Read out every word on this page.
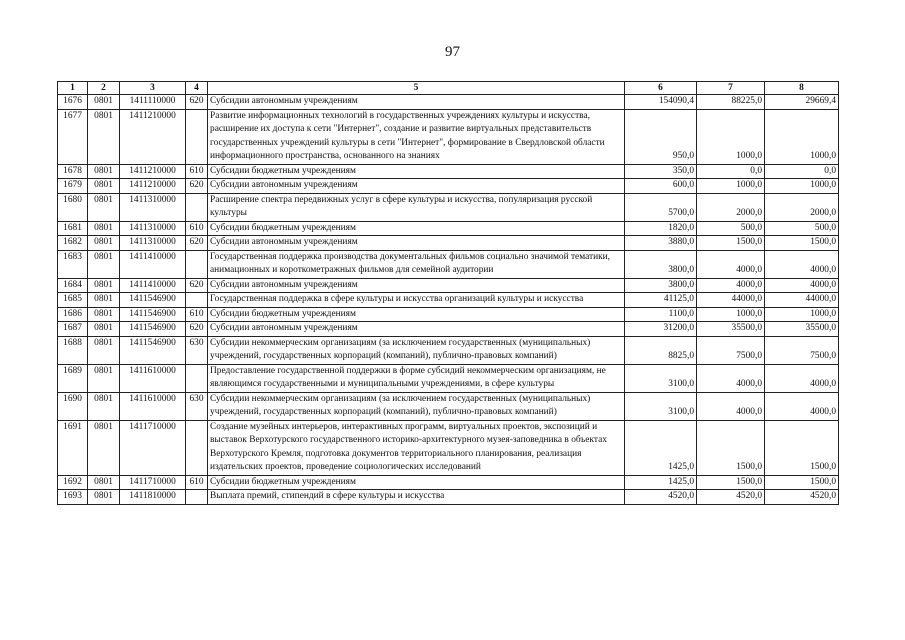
97
1	2	3	4	5	6	7	8
1676	0801	1411110000	620	Субсидии автономным учреждениям	154090,4	88225,0	29669,4
1677	0801	1411210000		Развитие информационных технологий в государственных учреждениях культуры и искусства, расширение их доступа к сети "Интернет", создание и развитие виртуальных представительств государственных учреждений культуры в сети "Интернет", формирование в Свердловской области информационного пространства, основанного на знаниях	950,0	1000,0	1000,0
1678	0801	1411210000	610	Субсидии бюджетным учреждениям	350,0	0,0	0,0
1679	0801	1411210000	620	Субсидии автономным учреждениям	600,0	1000,0	1000,0
1680	0801	1411310000		Расширение спектра передвижных услуг в сфере культуры и искусства, популяризация русской культуры	5700,0	2000,0	2000,0
1681	0801	1411310000	610	Субсидии бюджетным учреждениям	1820,0	500,0	500,0
1682	0801	1411310000	620	Субсидии автономным учреждениям	3880,0	1500,0	1500,0
1683	0801	1411410000		Государственная поддержка производства документальных фильмов социально значимой тематики, анимационных и короткометражных фильмов для семейной аудитории	3800,0	4000,0	4000,0
1684	0801	1411410000	620	Субсидии автономным учреждениям	3800,0	4000,0	4000,0
1685	0801	1411546900		Государственная поддержка в сфере культуры и искусства организаций культуры и искусства	41125,0	44000,0	44000,0
1686	0801	1411546900	610	Субсидии бюджетным учреждениям	1100,0	1000,0	1000,0
1687	0801	1411546900	620	Субсидии автономным учреждениям	31200,0	35500,0	35500,0
1688	0801	1411546900	630	Субсидии некоммерческим организациям (за исключением государственных (муниципальных) учреждений, государственных корпораций (компаний), публично-правовых компаний)	8825,0	7500,0	7500,0
1689	0801	1411610000		Предоставление государственной поддержки в форме субсидий некоммерческим организациям, не являющимся государственными и муниципальными учреждениями, в сфере культуры	3100,0	4000,0	4000,0
1690	0801	1411610000	630	Субсидии некоммерческим организациям (за исключением государственных (муниципальных) учреждений, государственных корпораций (компаний), публично-правовых компаний)	3100,0	4000,0	4000,0
1691	0801	1411710000		Создание музейных интерьеров, интерактивных программ, виртуальных проектов, экспозиций и выставок Верхотурского государственного историко-архитектурного музея-заповедника в объектах Верхотурского Кремля, подготовка документов территориального планирования, реализация издательских проектов, проведение социологических исследований	1425,0	1500,0	1500,0
1692	0801	1411710000	610	Субсидии бюджетным учреждениям	1425,0	1500,0	1500,0
1693	0801	1411810000		Выплата премий, стипендий в сфере культуры и искусства	4520,0	4520,0	4520,0
